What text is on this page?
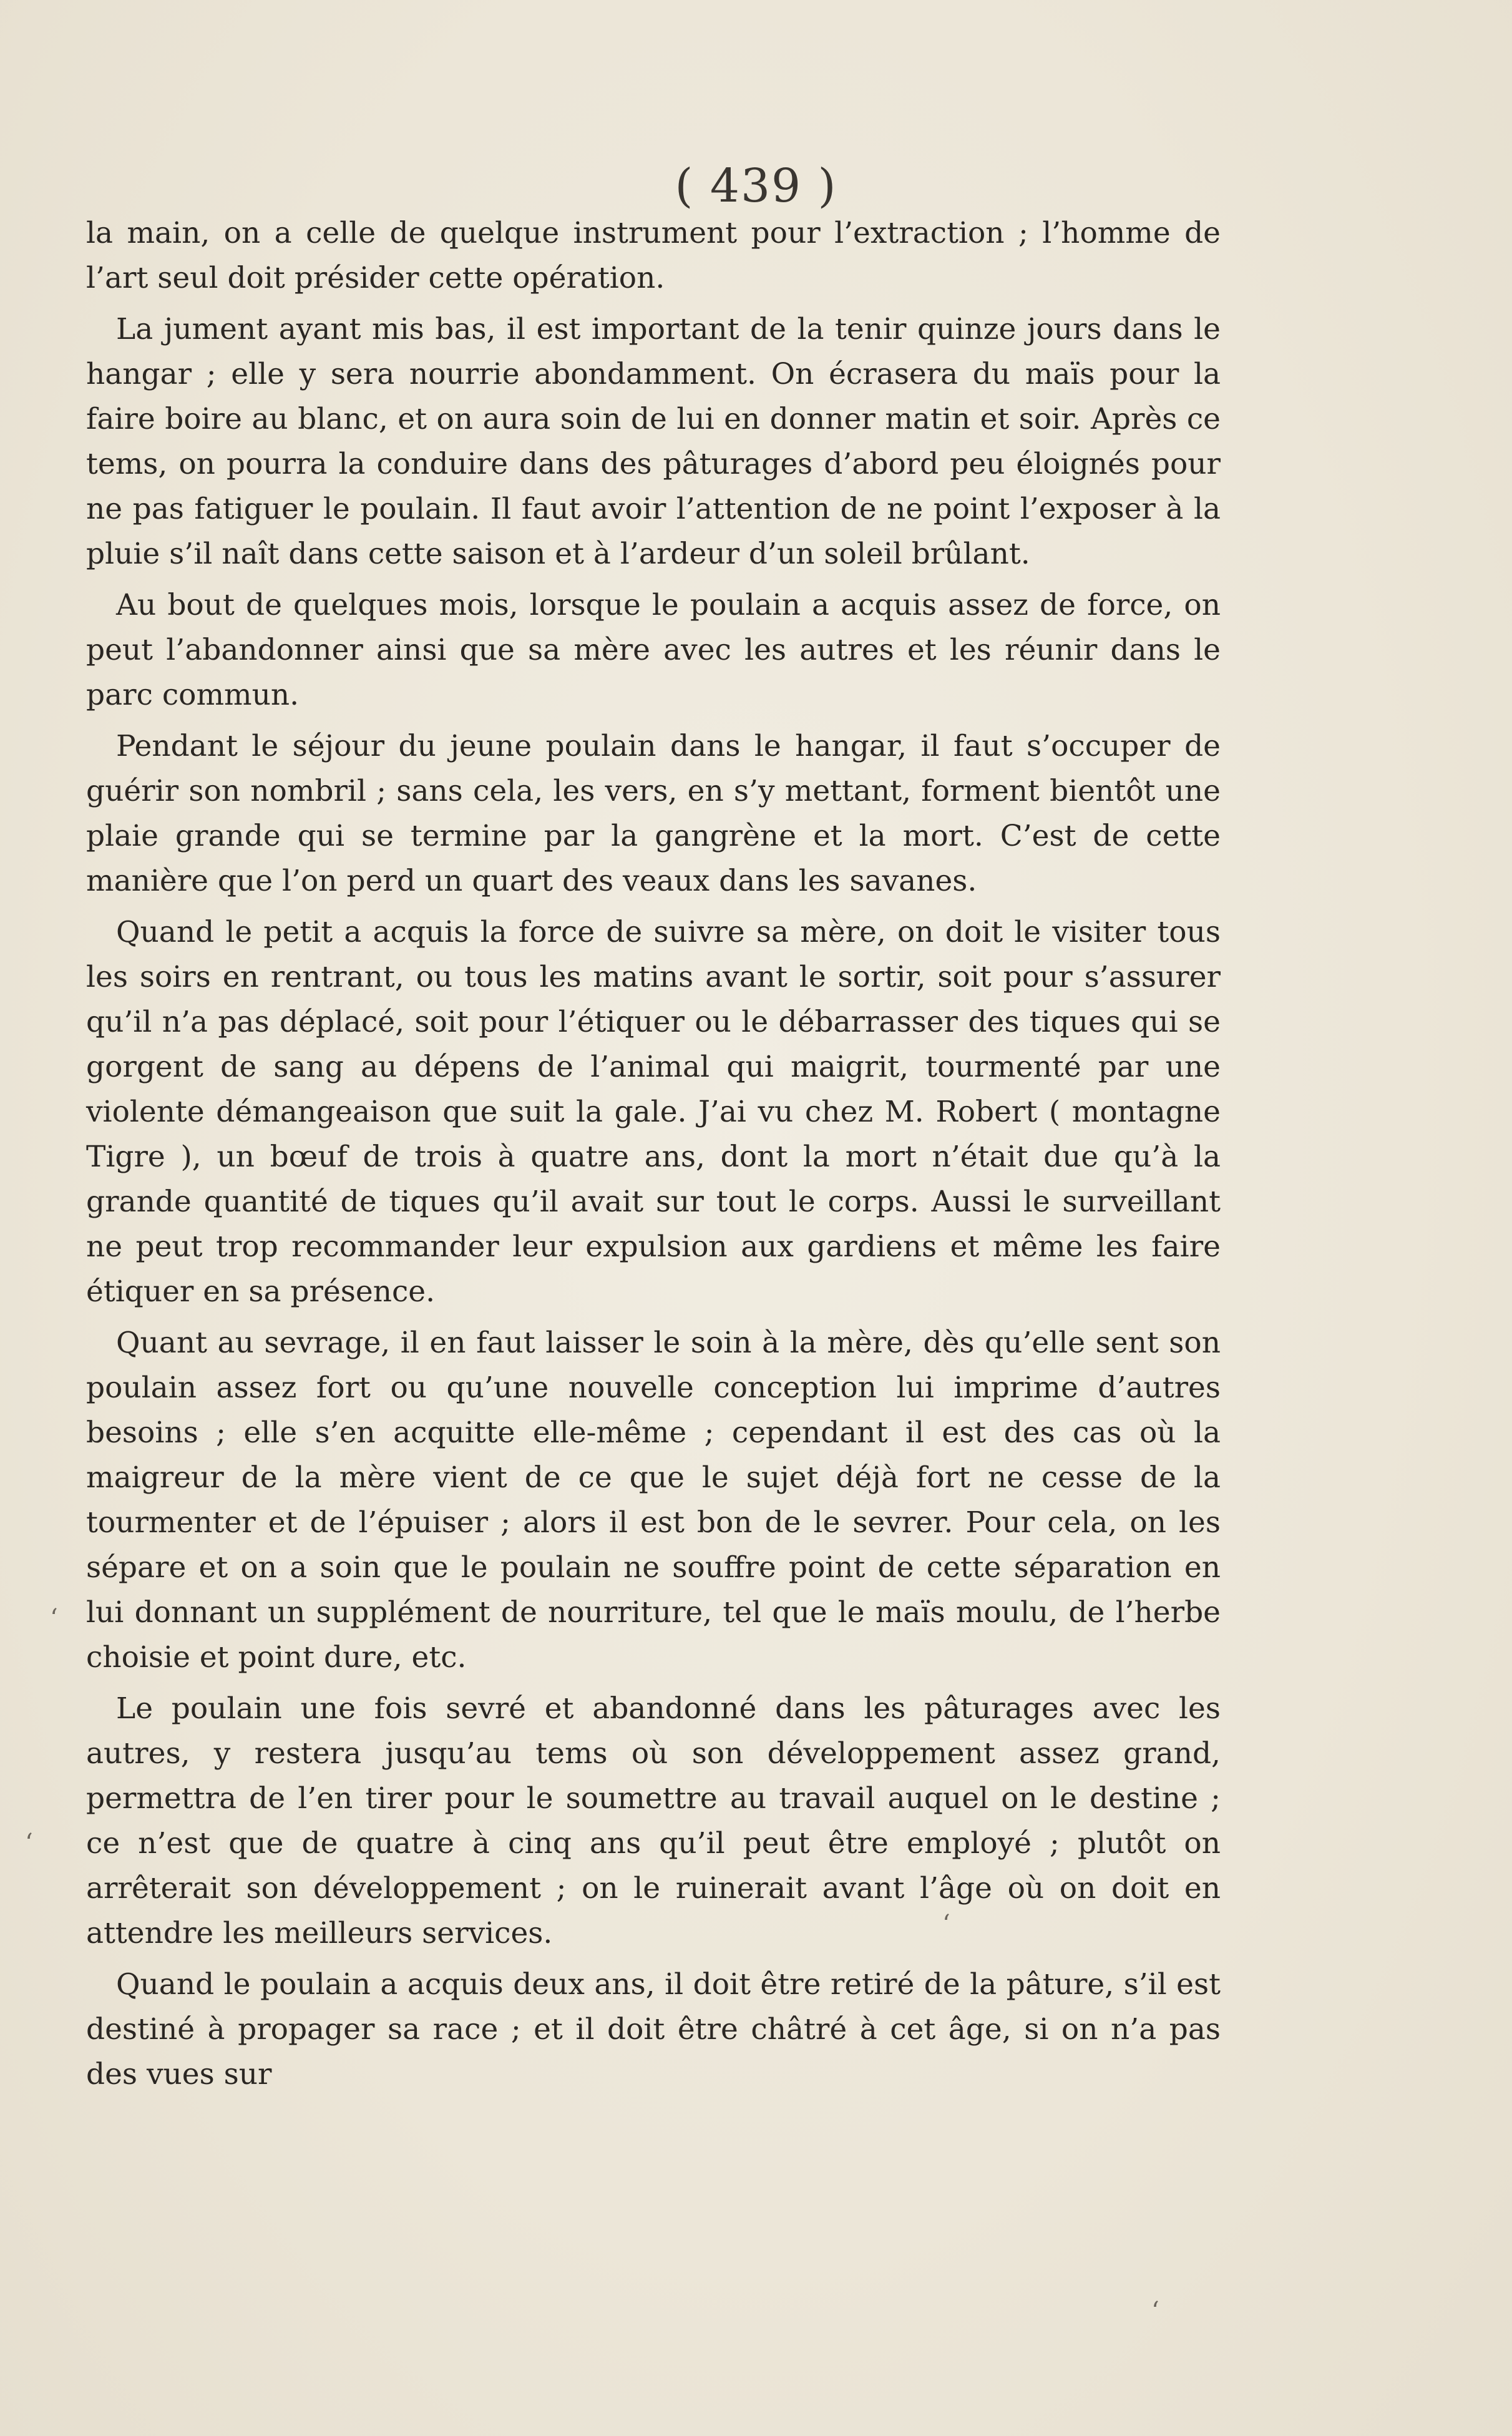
( 439 )

la main, on a celle de quelque instrument pour l’extraction ; l’homme de l’art seul doit présider cette opération.

La jument ayant mis bas, il est important de la tenir quinze jours dans le hangar ; elle y sera nourrie abondamment. On écrasera du maïs pour la faire boire au blanc, et on aura soin de lui en donner matin et soir. Après ce tems, on pourra la conduire dans des pâturages d’abord peu éloignés pour ne pas fatiguer le poulain. Il faut avoir l’attention de ne point l’exposer à la pluie s’il naît dans cette saison et à l’ardeur d’un soleil brûlant.

Au bout de quelques mois, lorsque le poulain a acquis assez de force, on peut l’abandonner ainsi que sa mère avec les autres et les réunir dans le parc commun.

Pendant le séjour du jeune poulain dans le hangar, il faut s’occuper de guérir son nombril ; sans cela, les vers, en s’y mettant, forment bientôt une plaie grande qui se termine par la gangrène et la mort. C’est de cette manière que l’on perd un quart des veaux dans les savanes.

Quand le petit a acquis la force de suivre sa mère, on doit le visiter tous les soirs en rentrant, ou tous les matins avant le sortir, soit pour s’assurer qu’il n’a pas déplacé, soit pour l’étiquer ou le débarrasser des tiques qui se gorgent de sang au dépens de l’animal qui maigrit, tourmenté par une violente démangeaison que suit la gale. J’ai vu chez M. Robert ( montagne Tigre ), un bœuf de trois à quatre ans, dont la mort n’était due qu’à la grande quantité de tiques qu’il avait sur tout le corps. Aussi le surveillant ne peut trop recommander leur expulsion aux gardiens et même les faire étiquer en sa présence.

Quant au sevrage, il en faut laisser le soin à la mère, dès qu’elle sent son poulain assez fort ou qu’une nouvelle conception lui imprime d’autres besoins ; elle s’en acquitte elle-même ; cependant il est des cas où la maigreur de la mère vient de ce que le sujet déjà fort ne cesse de la tourmenter et de l’épuiser ; alors il est bon de le sevrer. Pour cela, on les sépare et on a soin que le poulain ne souffre point de cette séparation en lui donnant un supplément de nourriture, tel que le maïs moulu, de l’herbe choisie et point dure, etc.

Le poulain une fois sevré et abandonné dans les pâturages avec les autres, y restera jusqu’au tems où son développement assez grand, permettra de l’en tirer pour le soumettre au travail auquel on le destine ; ce n’est que de quatre à cinq ans qu’il peut être employé ; plutôt on arrêterait son développement ; on le ruinerait avant l’âge où on doit en attendre les meilleurs services.

Quand le poulain a acquis deux ans, il doit être retiré de la pâture, s’il est destiné à propager sa race ; et il doit être châtré à cet âge, si on n’a pas des vues sur

‘
‘
‘
‘
